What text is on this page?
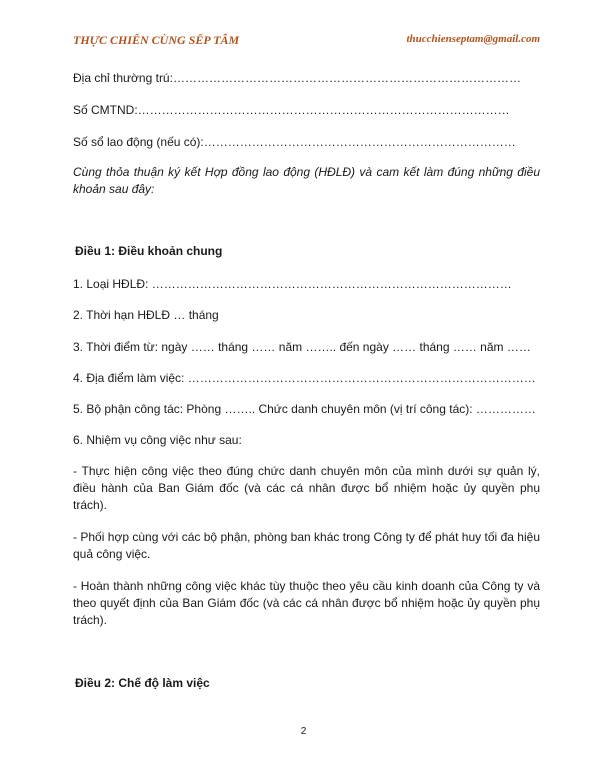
THỰC CHIẾN CÙNG SẾP TÂM	thucchienseptam@gmail.com
Địa chỉ thường trú:……………………………………………………………………………
Số CMTND:…………………………………………………………………………………
Số sổ lao động (nếu có):……………………………………………………………………
Cùng thỏa thuận ký kết Hợp đồng lao động (HĐLĐ) và cam kết làm đúng những điều khoản sau đây:
Điều 1: Điều khoản chung
1. Loại HĐLĐ: ………………………………………………………………………………
2. Thời hạn HĐLĐ … tháng
3. Thời điểm từ: ngày …… tháng …… năm …….. đến ngày …… tháng …… năm ……
4. Địa điểm làm việc: ……………………………………………………………………………
5. Bộ phận công tác: Phòng …….. Chức danh chuyên môn (vị trí công tác): ……………
6. Nhiệm vụ công việc như sau:
- Thực hiện công việc theo đúng chức danh chuyên môn của mình dưới sự quản lý, điều hành của Ban Giám đốc (và các cá nhân được bổ nhiệm hoặc ủy quyền phụ trách).
- Phối hợp cùng với các bộ phận, phòng ban khác trong Công ty để phát huy tối đa hiệu quả công việc.
- Hoàn thành những công việc khác tùy thuộc theo yêu cầu kinh doanh của Công ty và theo quyết định của Ban Giám đốc (và các cá nhân được bổ nhiệm hoặc ủy quyền phụ trách).
Điều 2: Chế độ làm việc
2
